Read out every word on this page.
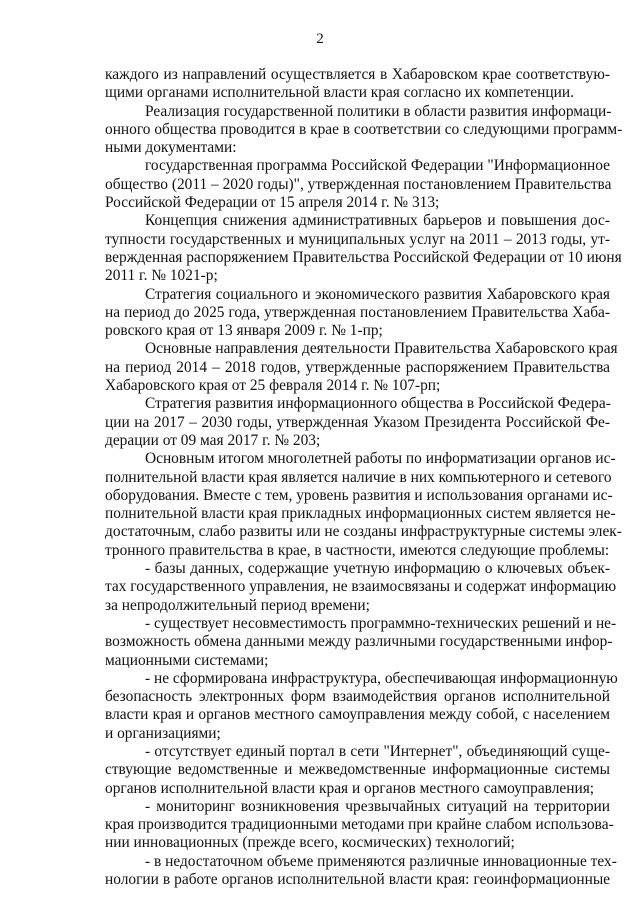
2
каждого из направлений осуществляется в Хабаровском крае соответствую-
щими органами исполнительной власти края согласно их компетенции.
Реализация государственной политики в области развития информаци-
онного общества проводится в крае в соответствии со следующими программ-
ными документами:
государственная программа Российской Федерации "Информационное
общество (2011 – 2020 годы)", утвержденная постановлением Правительства
Российской Федерации от 15 апреля 2014 г. № 313;
Концепция снижения административных барьеров и повышения дос-
тупности государственных и муниципальных услуг на 2011 – 2013 годы, ут-
вержденная распоряжением Правительства Российской Федерации от 10 июня
2011 г. № 1021-р;
Стратегия социального и экономического развития Хабаровского края
на период до 2025 года, утвержденная постановлением Правительства Хаба-
ровского края от 13 января 2009 г. № 1-пр;
Основные направления деятельности Правительства Хабаровского края
на период 2014 – 2018 годов, утвержденные распоряжением Правительства
Хабаровского края от 25 февраля 2014 г. № 107-рп;
Стратегия развития информационного общества в Российской Федера-
ции на 2017 – 2030 годы, утвержденная Указом Президента Российской Фе-
дерации от 09 мая 2017 г. № 203;
Основным итогом многолетней работы по информатизации органов ис-
полнительной власти края является наличие в них компьютерного и сетевого
оборудования. Вместе с тем, уровень развития и использования органами ис-
полнительной власти края прикладных информационных систем является не-
достаточным, слабо развиты или не созданы инфраструктурные системы элек-
тронного правительства в крае, в частности, имеются следующие проблемы:
- базы данных, содержащие учетную информацию о ключевых объек-
тах государственного управления, не взаимосвязаны и содержат информацию
за непродолжительный период времени;
- существует несовместимость программно-технических решений и не-
возможность обмена данными между различными государственными инфор-
мационными системами;
- не сформирована инфраструктура, обеспечивающая информационную
безопасность электронных форм взаимодействия органов исполнительной
власти края и органов местного самоуправления между собой, с населением
и организациями;
- отсутствует единый портал в сети "Интернет", объединяющий суще-
ствующие ведомственные и межведомственные информационные системы
органов исполнительной власти края и органов местного самоуправления;
- мониторинг возникновения чрезвычайных ситуаций на территории
края производится традиционными методами при крайне слабом использова-
нии инновационных (прежде всего, космических) технологий;
- в недостаточном объеме применяются различные инновационные тех-
нологии в работе органов исполнительной власти края: геоинформационные
